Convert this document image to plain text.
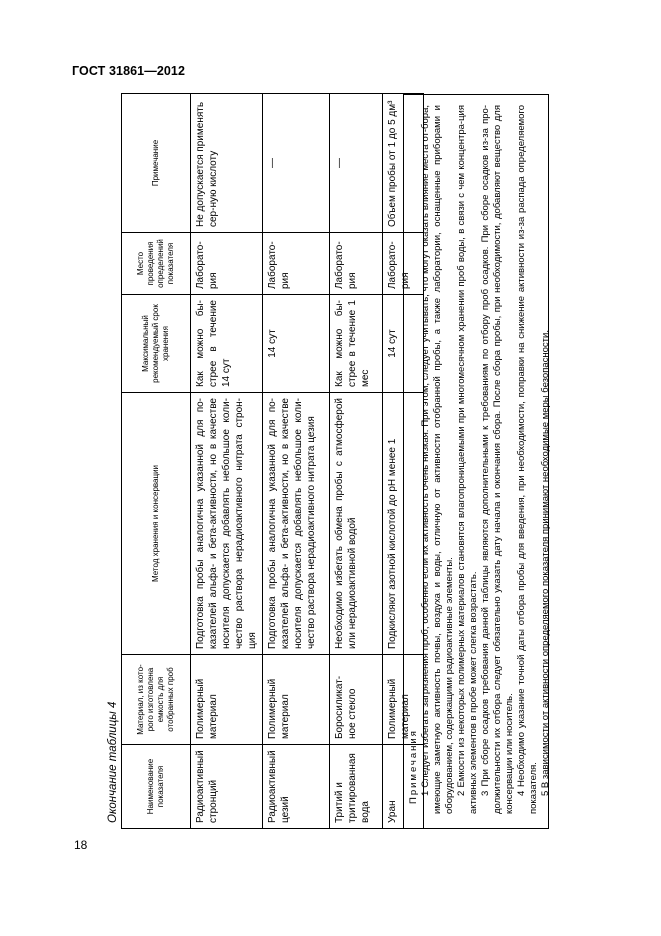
ГОСТ 31861—2012
Окончание таблицы 4	Наименование показателя	Материал, из кото-рого изготовлена емкость для отобранных проб	Метод хранения и консервации	Максимальный рекомендуемый срок хранения	Место проведения определений показателя	Примечание
Радиоактивный стронций	Полимерный материал	Подготовка пробы аналогична указанной для по-казателей альфа- и бета-активности, но в качестве носителя допускается добавлять небольшое коли-чество раствора нерадиоактивного нитрата строн-ция	Как можно бы-стрее в течение 14 сут	Лаборато-рия	Не допускается применять сер-ную кислоту
Радиоактивный цезий	Полимерный материал	Подготовка пробы аналогична указанной для по-казателей альфа- и бета-активности, но в качестве носителя допускается добавлять небольшое коли-чество раствора нерадиоактивного нитрата цезия	14 сут	Лаборато-рия	—
Тритий и тритированная вода	Боросиликат-ное стекло	Необходимо избегать обмена пробы с атмосферой или нерадиоактивной водой	Как можно бы-стрее в течение 1 мес	Лаборато-рия	—
Уран	Полимерный материал	Подкисляют азотной кислотой до pH менее 1	14 сут	Лаборато-рия	Объем пробы от 1 до 5 дм³
Примечания 1 Следует избегать загрязнения проб, особенно если их активность очень низкая. При этом, следует учитывать, что могут оказать влияние места от-бора, имеющие заметную активность почвы, воздуха и воды, отличную от активности отобранной пробы, а также лаборатории, оснащенные приборами и оборудованием, содержащими радиоактивные элементы. 2 Емкости из некоторых полимерных материалов становятся влагопроницаемыми при многомесячном хранении проб воды, в связи с чем концентра-ция активных элементов в пробе может слегка возрастать. 3 При сборе осадков требования данной таблицы являются дополнительными к требованиям по отбору проб осадков. При сборе осадков из-за про-должительности их отбора следует обязательно указать дату начала и окончания сбора. После сбора пробы, при необходимости, добавляют вещество для консервации или носитель. 4 Необходимо указание точной даты отбора пробы для введения, при необходимости, поправки на снижение активности из-за распада определяемого показателя. 5 В зависимости от активности определяемого показателя принимают необходимые меры безопасности.

18
